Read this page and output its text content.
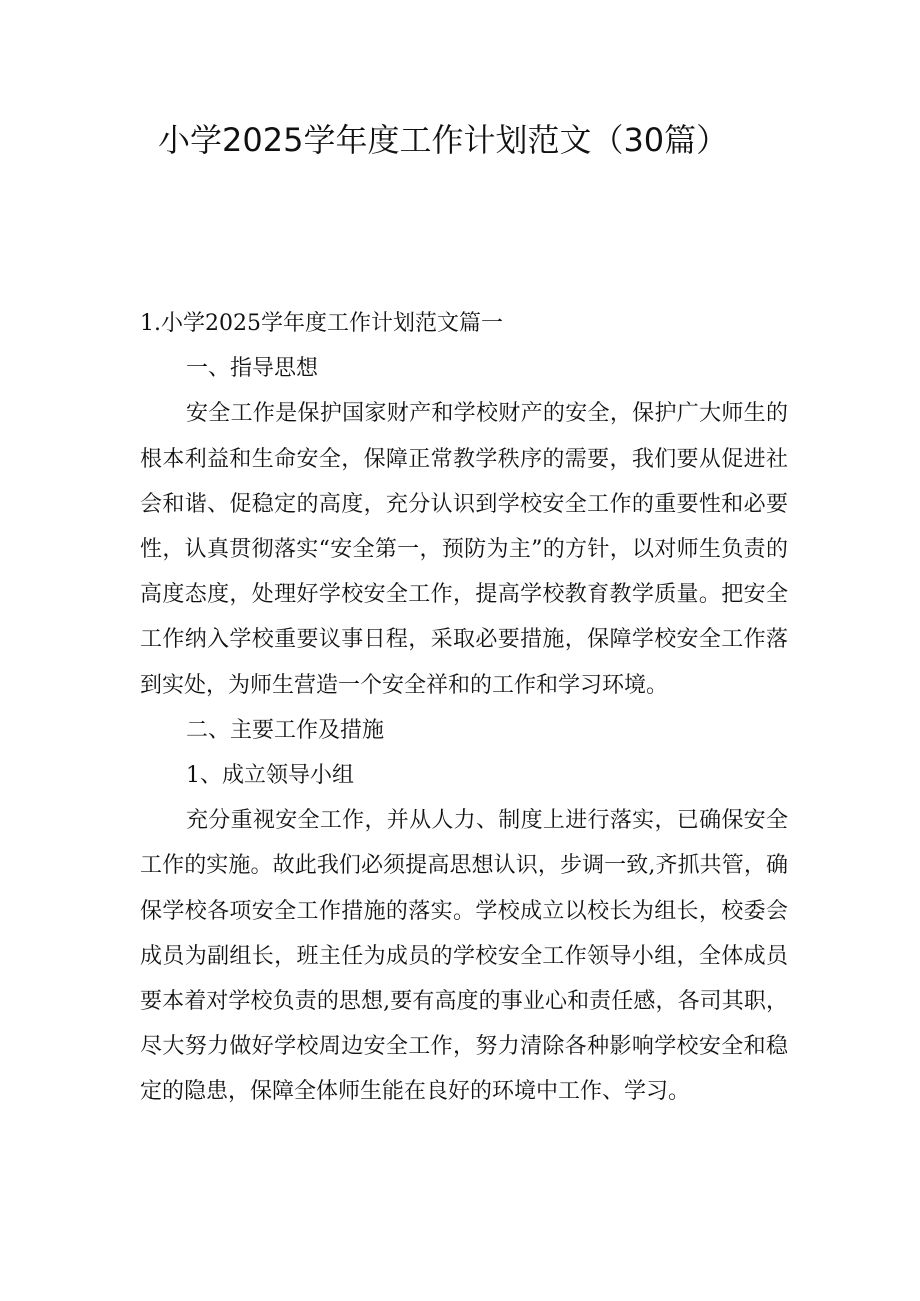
小学2025学年度工作计划范文（30篇）

1.小学2025学年度工作计划范文篇一

一、指导思想

安全工作是保护国家财产和学校财产的安全，保护广大师生的根本利益和生命安全，保障正常教学秩序的需要，我们要从促进社会和谐、促稳定的高度，充分认识到学校安全工作的重要性和必要性，认真贯彻落实“安全第一，预防为主”的方针，以对师生负责的高度态度，处理好学校安全工作，提高学校教育教学质量。把安全工作纳入学校重要议事日程，采取必要措施，保障学校安全工作落到实处，为师生营造一个安全祥和的工作和学习环境。

二、主要工作及措施

1、成立领导小组

充分重视安全工作，并从人力、制度上进行落实，已确保安全工作的实施。故此我们必须提高思想认识，步调一致,齐抓共管，确保学校各项安全工作措施的落实。学校成立以校长为组长，校委会成员为副组长，班主任为成员的学校安全工作领导小组，全体成员要本着对学校负责的思想,要有高度的事业心和责任感，各司其职，尽大努力做好学校周边安全工作，努力清除各种影响学校安全和稳定的隐患，保障全体师生能在良好的环境中工作、学习。
